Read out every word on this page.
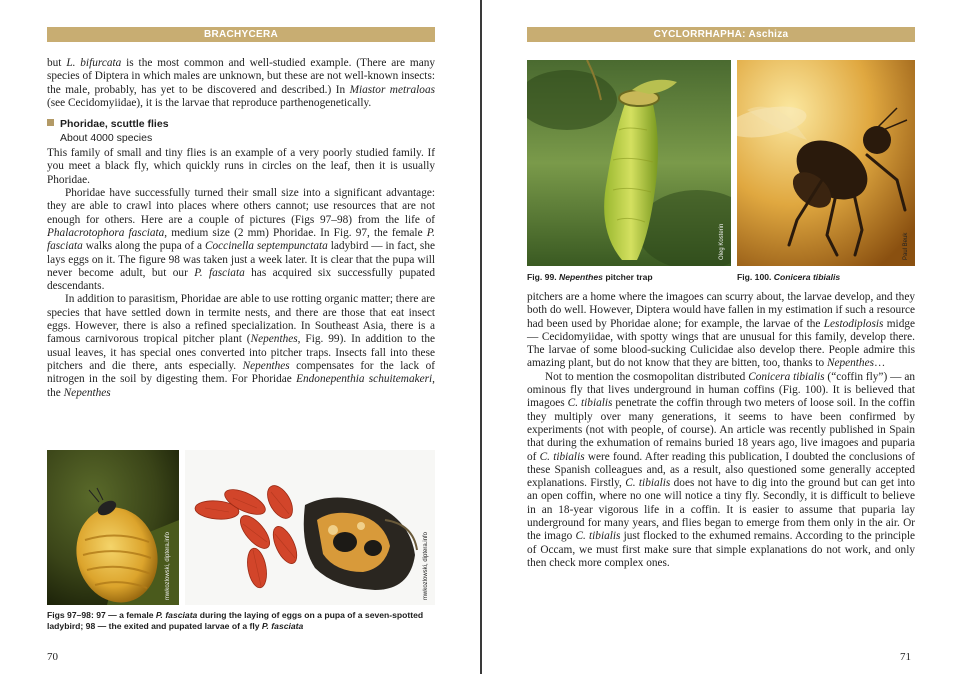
BRACHYCERA

but L. bifurcata is the most common and well-studied example. (There are many species of Diptera in which males are unknown, but these are not well-known insects: the male, probably, has yet to be discovered and described.) In Miastor metraloas (see Cecidomyiidae), it is the larvae that reproduce parthenogenetically.

Phoridae, scuttle flies
About 4000 species

This family of small and tiny flies is an example of a very poorly studied family. If you meet a black fly, which quickly runs in circles on the leaf, then it is usually Phoridae.

Phoridae have successfully turned their small size into a significant advantage: they are able to crawl into places where others cannot; use resources that are not enough for others. Here are a couple of pictures (Figs 97–98) from the life of Phalacrotophora fasciata, medium size (2 mm) Phoridae. In Fig. 97, the female P. fasciata walks along the pupa of a Coccinella septempunctata ladybird — in fact, she lays eggs on it. The figure 98 was taken just a week later. It is clear that the pupa will never become adult, but our P. fasciata has acquired six successfully pupated descendants.

In addition to parasitism, Phoridae are able to use rotting organic matter; there are species that have settled down in termite nests, and there are those that eat insect eggs. However, there is also a refined specialization. In Southeast Asia, there is a famous carnivorous tropical pitcher plant (Nepenthes, Fig. 99). In addition to the usual leaves, it has special ones converted into pitcher traps. Insects fall into these pitchers and die there, ants especially. Nepenthes compensates for the lack of nitrogen in the soil by digesting them. For Phoridae Endonepenthia schuitemakeri, the Nepenthes

mwkozlowski, diptera.info	mwkozlowski, diptera.info
Figs 97–98: 97 — a female P. fasciata during the laying of eggs on a pupa of a seven-spotted ladybird; 98 — the exited and pupated larvae of a fly P. fasciata
70
CYCLORRHAPHA: Aschiza
Oleg Kosterin	Paul Beuk
Fig. 99. Nepenthes pitcher trap	Fig. 100. Conicera tibialis

pitchers are a home where the imagoes can scurry about, the larvae develop, and they both do well. However, Diptera would have fallen in my estimation if such a resource had been used by Phoridae alone; for example, the larvae of the Lestodiplosis midge — Cecidomyiidae, with spotty wings that are unusual for this family, develop there. The larvae of some blood-sucking Culicidae also develop there. People admire this amazing plant, but do not know that they are bitten, too, thanks to Nepenthes…

Not to mention the cosmopolitan distributed Conicera tibialis (“coffin fly”) — an ominous fly that lives underground in human coffins (Fig. 100). It is believed that imagoes C. tibialis penetrate the coffin through two meters of loose soil. In the coffin they multiply over many generations, it seems to have been confirmed by experiments (not with people, of course). An article was recently published in Spain that during the exhumation of remains buried 18 years ago, live imagoes and puparia of C. tibialis were found. After reading this publication, I doubted the conclusions of these Spanish colleagues and, as a result, also questioned some generally accepted explanations. Firstly, C. tibialis does not have to dig into the ground but can get into an open coffin, where no one will notice a tiny fly. Secondly, it is difficult to believe in an 18-year vigorous life in a coffin. It is easier to assume that puparia lay underground for many years, and flies began to emerge from them only in the air. Or the imago C. tibialis just flocked to the exhumed remains. According to the principle of Occam, we must first make sure that simple explanations do not work, and only then check more complex ones.

71
